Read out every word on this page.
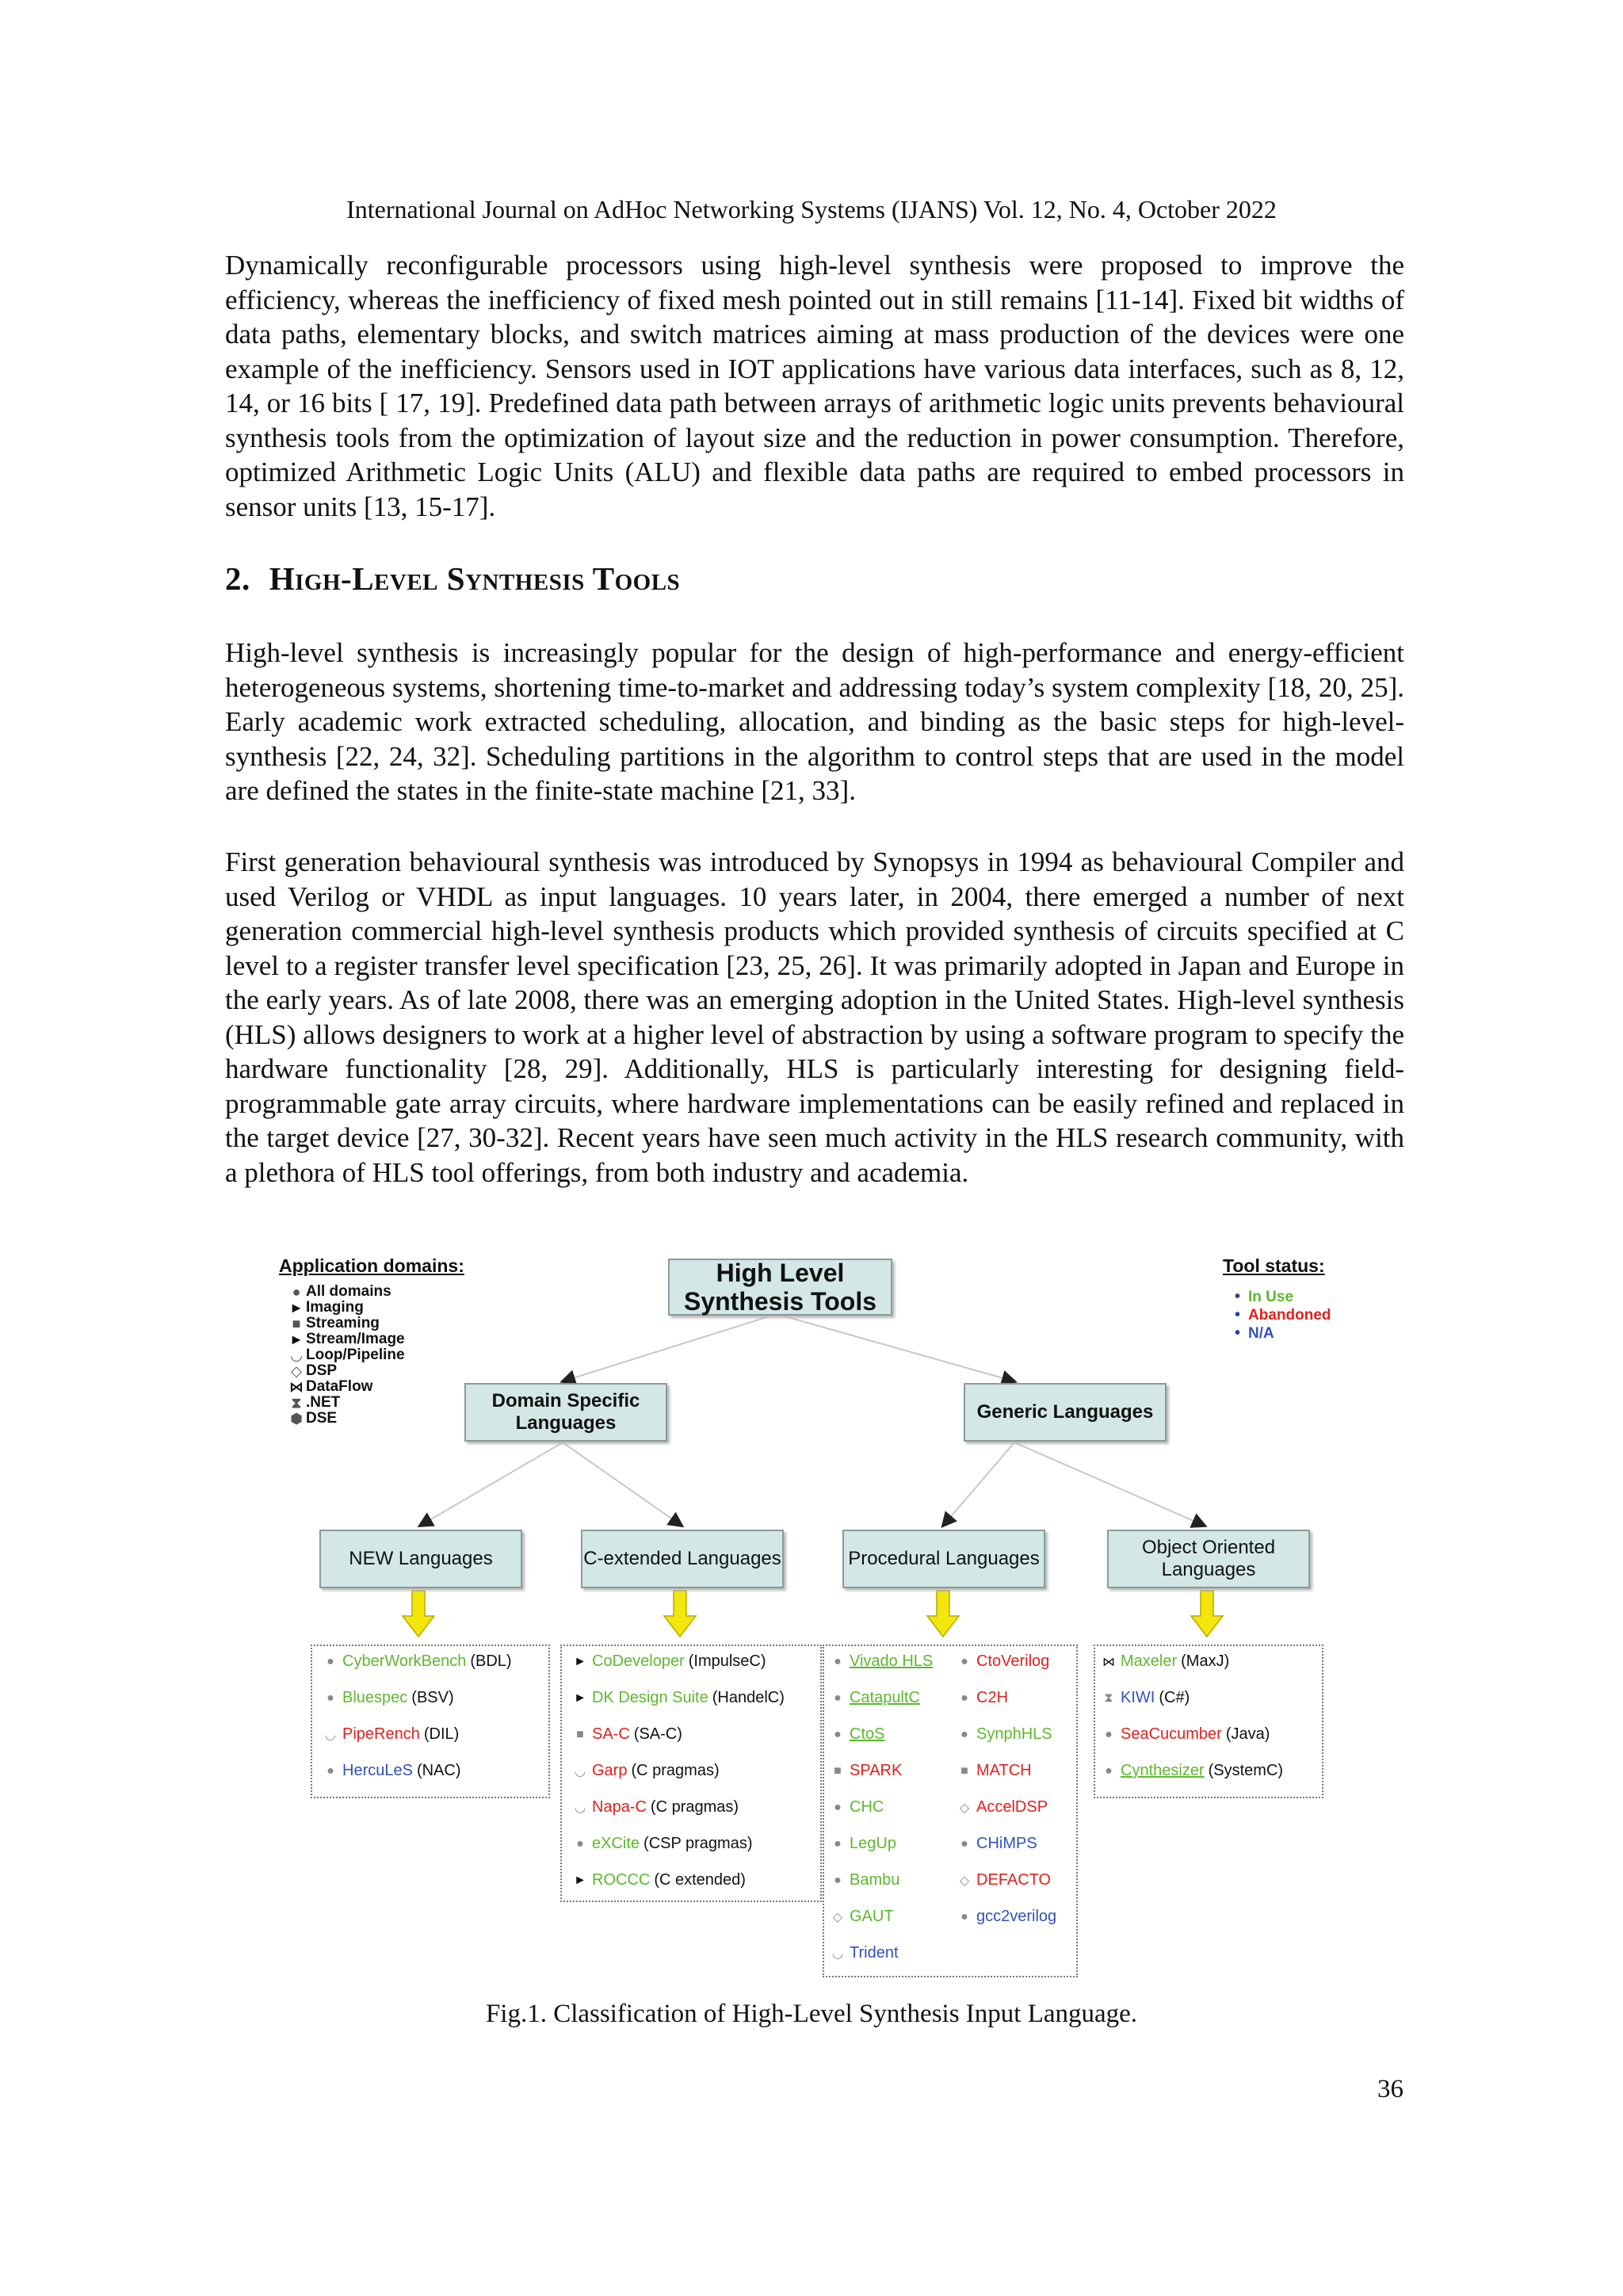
International Journal on AdHoc Networking Systems (IJANS) Vol. 12, No. 4, October 2022

Dynamically reconfigurable processors using high-level synthesis were proposed to improve the efficiency, whereas the inefficiency of fixed mesh pointed out in still remains [11-14]. Fixed bit widths of data paths, elementary blocks, and switch matrices aiming at mass production of the devices were one example of the inefficiency. Sensors used in IOT applications have various data interfaces, such as 8, 12, 14, or 16 bits [ 17, 19]. Predefined data path between arrays of arithmetic logic units prevents behavioural synthesis tools from the optimization of layout size and the reduction in power consumption. Therefore, optimized Arithmetic Logic Units (ALU) and flexible data paths are required to embed processors in sensor units [13, 15-17].

2. High-Level Synthesis Tools

High-level synthesis is increasingly popular for the design of high-performance and energy-efficient heterogeneous systems, shortening time-to-market and addressing today’s system complexity [18, 20, 25]. Early academic work extracted scheduling, allocation, and binding as the basic steps for high-level-synthesis [22, 24, 32]. Scheduling partitions in the algorithm to control steps that are used in the model are defined the states in the finite-state machine [21, 33].

First generation behavioural synthesis was introduced by Synopsys in 1994 as behavioural Compiler and used Verilog or VHDL as input languages. 10 years later, in 2004, there emerged a number of next generation commercial high-level synthesis products which provided synthesis of circuits specified at C level to a register transfer level specification [23, 25, 26]. It was primarily adopted in Japan and Europe in the early years. As of late 2008, there was an emerging adoption in the United States. High-level synthesis (HLS) allows designers to work at a higher level of abstraction by using a software program to specify the hardware functionality [28, 29]. Additionally, HLS is particularly interesting for designing field-programmable gate array circuits, where hardware implementations can be easily refined and replaced in the target device [27, 30-32]. Recent years have seen much activity in the HLS research community, with a plethora of HLS tool offerings, from both industry and academia.

High Level Synthesis Tools
Domain Specific Languages
Generic Languages
NEW Languages	C-extended Languages	Procedural Languages
Object Oriented Languages
Application domains:
● All domains
► Imaging
■ Streaming
► Stream/Image
◡ Loop/Pipeline
◇ DSP
⋈ DataFlow
⧗ .NET
⬢ DSE
Tool status:
• In Use
• Abandoned
• N/A
● CyberWorkBench (BDL)
● Bluespec (BSV)
◡ PipeRench (DIL)
● HercuLeS (NAC)
► CoDeveloper (ImpulseC)
► DK Design Suite (HandelC)
■ SA-C (SA-C)
◡ Garp (C pragmas)
◡ Napa-C (C pragmas)
● eXCite (CSP pragmas)
► ROCCC (C extended)
● Vivado HLS
● CatapultC
● CtoS
■ SPARK
● CHC
● LegUp
● Bambu
◇ GAUT
◡ Trident
● CtoVerilog
● C2H
● SynphHLS
■ MATCH
◇ AccelDSP
● CHiMPS
◇ DEFACTO
● gcc2verilog
⋈ Maxeler (MaxJ)
⧗ KIWI (C#)
● SeaCucumber (Java)
● Cynthesizer (SystemC)
Fig.1. Classification of High-Level Synthesis Input Language.
36
